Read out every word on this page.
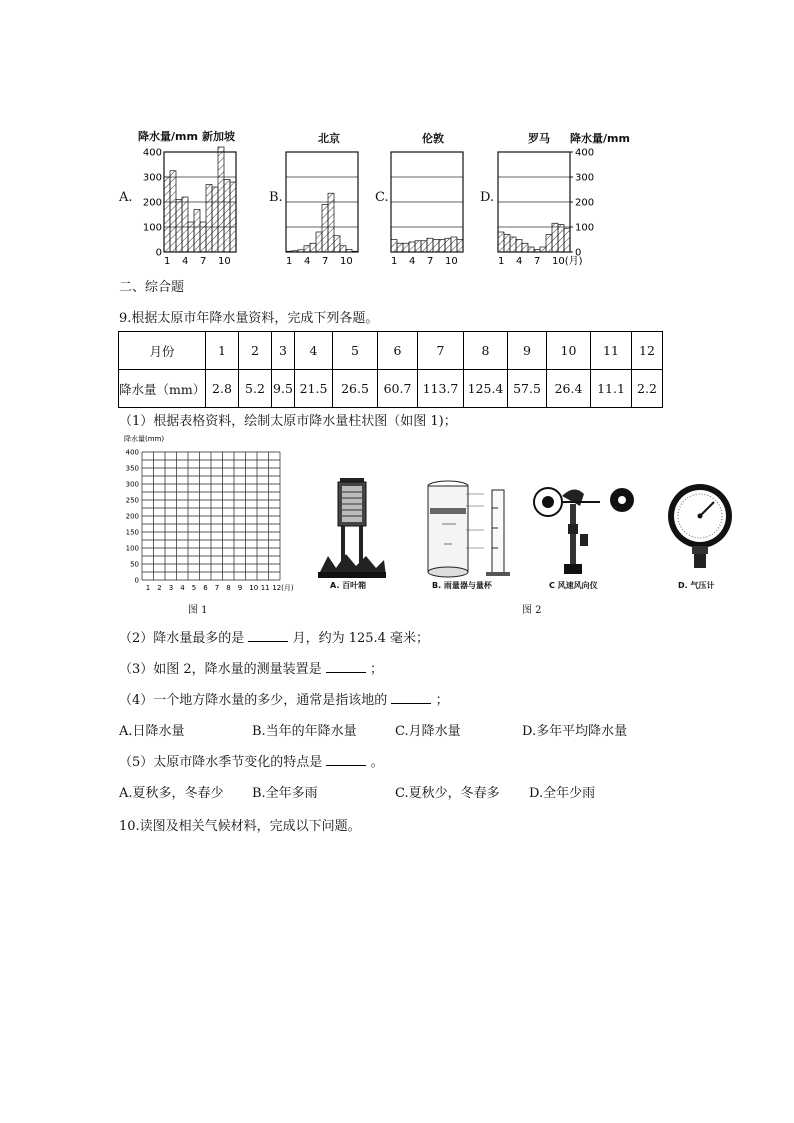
降水量/mm 新加坡	北京	伦敦	罗马 降水量/mm
A.	B.	C.	D.
400
300
200
100
0
1 4 7 10	1 4 7 10	1 4 7 10
400
300
200
100
0
1 4 7 10(月)
二、综合题
9.根据太原市年降水量资料，完成下列各题。
月份	1	2	3	4	5	6	7	8	9	10	11	12
降水量（mm）	2.8	5.2	9.5	21.5	26.5	60.7	113.7	125.4	57.5	26.4	11.1	2.2
（1）根据表格资料，绘制太原市降水量柱状图（如图 1)；
降水量(mm)
400
350
300
250
200
150
100
50
0
1 2 3 4 5 6 7 8 9 10 11 12(月)	A. 百叶箱	B. 雨量器与量杯	C 风速风向仪	D. 气压计
图 1	图 2
（2）降水量最多的是	月，约为 125.4 毫米；
（3）如图 2，降水量的测量装置是	；
（4）一个地方降水量的多少，通常是指该地的	；
A.日降水量	B.当年的年降水量	C.月降水量	D.多年平均降水量
（5）太原市降水季节变化的特点是	。
A.夏秋多，冬春少 B.全年多雨	C.夏秋少，冬春多 D.全年少雨
10.读图及相关气候材料，完成以下问题。
